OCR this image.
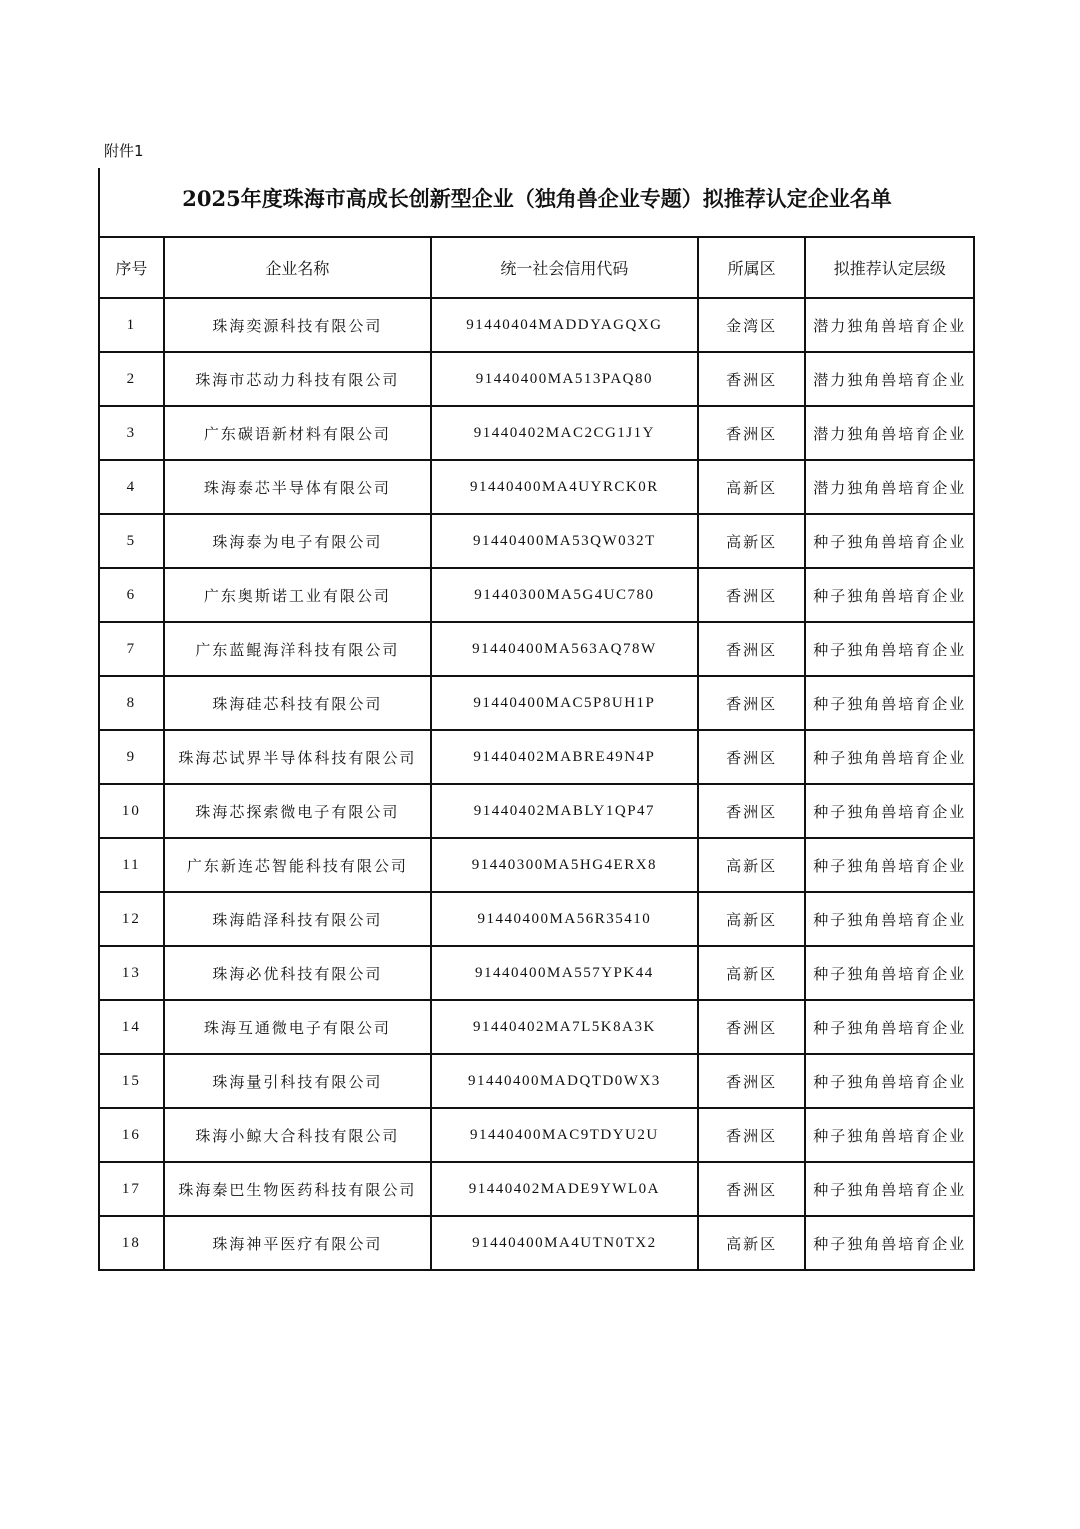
附件1
2025年度珠海市高成长创新型企业（独角兽企业专题）拟推荐认定企业名单
序号	企业名称	统一社会信用代码	所属区	拟推荐认定层级
1	珠海奕源科技有限公司	91440404MADDYAGQXG	金湾区	潜力独角兽培育企业
2	珠海市芯动力科技有限公司	91440400MA513PAQ80	香洲区	潜力独角兽培育企业
3	广东碳语新材料有限公司	91440402MAC2CG1J1Y	香洲区	潜力独角兽培育企业
4	珠海泰芯半导体有限公司	91440400MA4UYRCK0R	高新区	潜力独角兽培育企业
5	珠海泰为电子有限公司	91440400MA53QW032T	高新区	种子独角兽培育企业
6	广东奥斯诺工业有限公司	91440300MA5G4UC780	香洲区	种子独角兽培育企业
7	广东蓝鲲海洋科技有限公司	91440400MA563AQ78W	香洲区	种子独角兽培育企业
8	珠海硅芯科技有限公司	91440400MAC5P8UH1P	香洲区	种子独角兽培育企业
9	珠海芯试界半导体科技有限公司	91440402MABRE49N4P	香洲区	种子独角兽培育企业
10	珠海芯探索微电子有限公司	91440402MABLY1QP47	香洲区	种子独角兽培育企业
11	广东新连芯智能科技有限公司	91440300MA5HG4ERX8	高新区	种子独角兽培育企业
12	珠海皓泽科技有限公司	91440400MA56R35410	高新区	种子独角兽培育企业
13	珠海必优科技有限公司	91440400MA557YPK44	高新区	种子独角兽培育企业
14	珠海互通微电子有限公司	91440402MA7L5K8A3K	香洲区	种子独角兽培育企业
15	珠海量引科技有限公司	91440400MADQTD0WX3	香洲区	种子独角兽培育企业
16	珠海小鲸大合科技有限公司	91440400MAC9TDYU2U	香洲区	种子独角兽培育企业
17	珠海秦巴生物医药科技有限公司	91440402MADE9YWL0A	香洲区	种子独角兽培育企业
18	珠海神平医疗有限公司	91440400MA4UTN0TX2	高新区	种子独角兽培育企业
